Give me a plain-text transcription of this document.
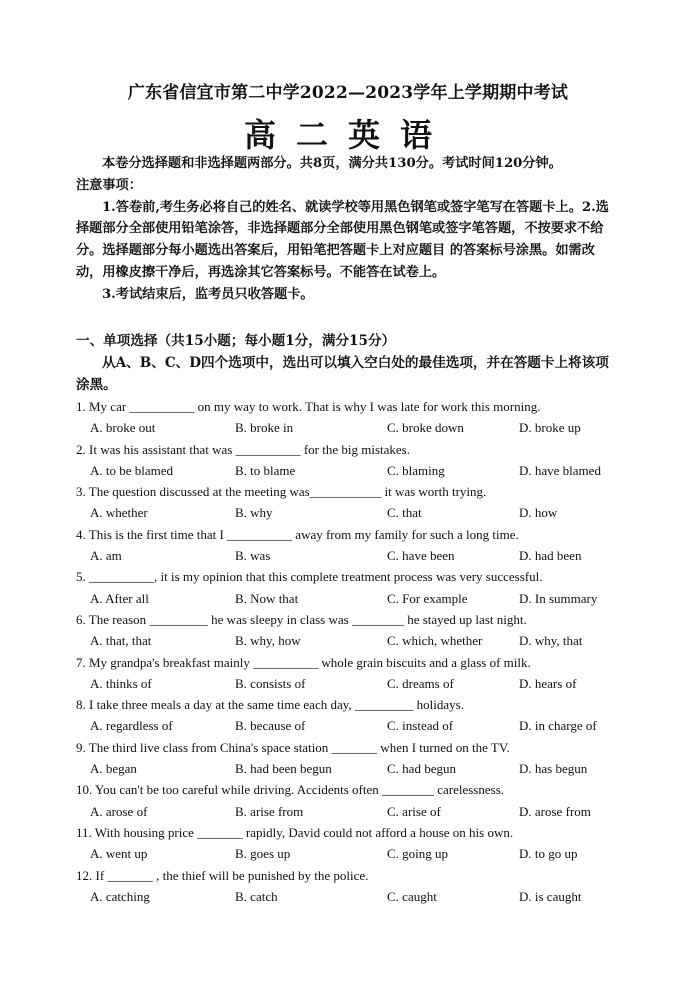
广东省信宜市第二中学2022—2023学年上学期期中考试
高二英语

本卷分选择题和非选择题两部分。共8页，满分共130分。考试时间120分钟。

注意事项：

1.答卷前,考生务必将自己的姓名、就读学校等用黑色钢笔或签字笔写在答题卡上。2.选择题部分全部使用铅笔涂答，非选择题部分全部使用黑色钢笔或签字笔答题，不按要求不给分。选择题部分每小题选出答案后，用铅笔把答题卡上对应题目 的答案标号涂黑。如需改动，用橡皮擦干净后，再选涂其它答案标号。不能答在试卷上。

3.考试结束后，监考员只收答题卡。

一、单项选择（共15小题；每小题1分，满分15分）

从A、B、C、D四个选项中，选出可以填入空白处的最佳选项，并在答题卡上将该项涂黑。

1. My car __________ on my way to work. That is why I was late for work this morning.
A. broke out	B. broke in	C. broke down	D. broke up
2. It was his assistant that was __________ for the big mistakes.
A. to be blamed	B. to blame	C. blaming	D. have blamed
3. The question discussed at the meeting was___________ it was worth trying.
A. whether	B. why	C. that	D. how
4. This is the first time that I __________ away from my family for such a long time.
A. am	B. was	C. have been	D. had been
5. __________, it is my opinion that this complete treatment process was very successful.
A. After all	B. Now that	C. For example	D. In summary
6. The reason _________ he was sleepy in class was ________ he stayed up last night.
A. that, that	B. why, how	C. which, whether	D. why, that
7. My grandpa's breakfast mainly __________ whole grain biscuits and a glass of milk.
A. thinks of	B. consists of	C. dreams of	D. hears of
8. I take three meals a day at the same time each day, _________ holidays.
A. regardless of	B. because of	C. instead of	D. in charge of
9. The third live class from China's space station _______ when I turned on the TV.
A. began	B. had been begun	C. had begun	D. has begun
10. You can't be too careful while driving. Accidents often ________ carelessness.
A. arose of	B. arise from	C. arise of	D. arose from
11. With housing price _______ rapidly, David could not afford a house on his own.
A. went up	B. goes up	C. going up	D. to go up
12. If _______ , the thief will be punished by the police.
A. catching	B. catch	C. caught	D. is caught
